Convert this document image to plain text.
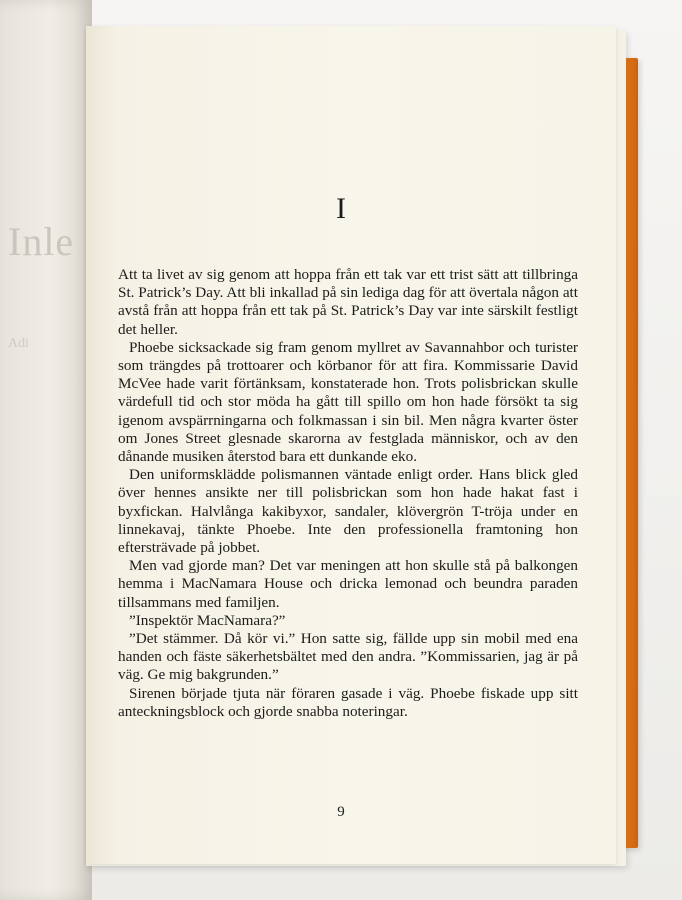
Inle
Adi
I

Att ta livet av sig genom att hoppa från ett tak var ett trist sätt att tillbringa St. Patrick’s Day. Att bli inkallad på sin lediga dag för att övertala någon att avstå från att hoppa från ett tak på St. Patrick’s Day var inte särskilt festligt det heller.

Phoebe sicksackade sig fram genom myllret av Savannahbor och turister som trängdes på trottoarer och körbanor för att fira. Kommissarie David McVee hade varit förtänksam, konstaterade hon. Trots polisbrickan skulle värdefull tid och stor möda ha gått till spillo om hon hade försökt ta sig igenom avspärrningarna och folkmassan i sin bil. Men några kvarter öster om Jones Street glesnade skarorna av festglada människor, och av den dånande musiken återstod bara ett dunkande eko.

Den uniformsklädde polismannen väntade enligt order. Hans blick gled över hennes ansikte ner till polisbrickan som hon hade hakat fast i byxfickan. Halvlånga kakibyxor, sandaler, klövergrön T-tröja under en linnekavaj, tänkte Phoebe. Inte den professionella framtoning hon eftersträvade på jobbet.

Men vad gjorde man? Det var meningen att hon skulle stå på balkongen hemma i MacNamara House och dricka lemonad och beundra paraden tillsammans med familjen.

”Inspektör MacNamara?”

”Det stämmer. Då kör vi.” Hon satte sig, fällde upp sin mobil med ena handen och fäste säkerhetsbältet med den andra. ”Kommissarien, jag är på väg. Ge mig bakgrunden.”

Sirenen började tjuta när föraren gasade i väg. Phoebe fiskade upp sitt anteckningsblock och gjorde snabba noteringar.

9
